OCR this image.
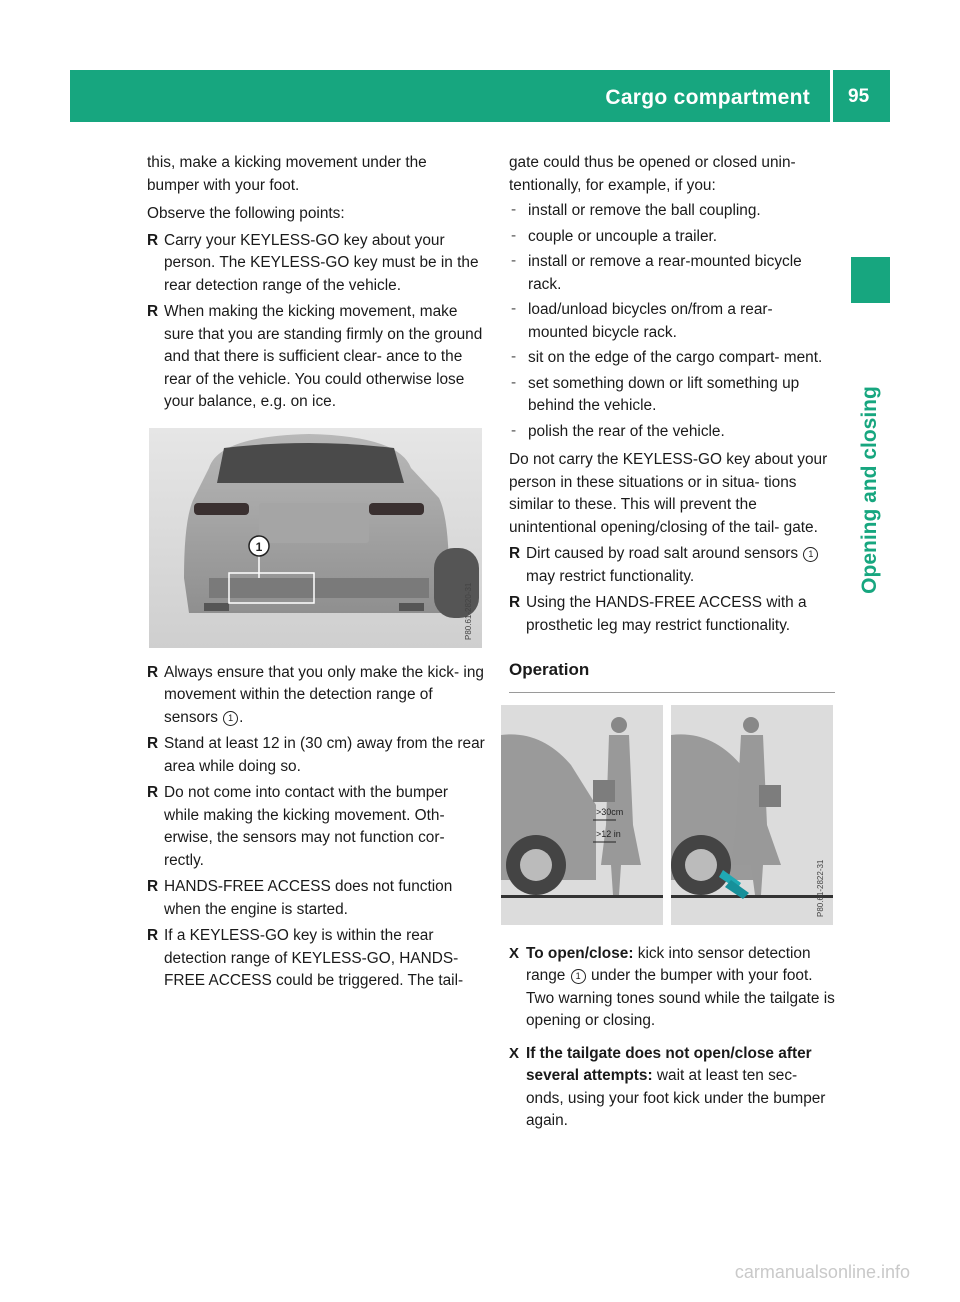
Cargo compartment 95
Opening and closing

this, make a kicking movement under the

bumper with your foot.

Observe the following points:

R Carry your KEYLESS-GO key about your person. The KEYLESS-GO key must be in the rear detection range of the vehicle.
R When making the kicking movement, make sure that you are standing firmly on the ground and that there is sufficient clear- ance to the rear of the vehicle. You could otherwise lose your balance, e.g. on ice.
1
P80.61-2820-31
R Always ensure that you only make the kick- ing movement within the detection range of sensors 1 .
R Stand at least 12 in (30 cm) away from the rear area while doing so.
R Do not come into contact with the bumper while making the kicking movement. Oth- erwise, the sensors may not function cor- rectly.
R HANDS-FREE ACCESS does not function when the engine is started.
R If a KEYLESS-GO key is within the rear detection range of KEYLESS-GO, HANDS- FREE ACCESS could be triggered. The tail-

gate could thus be opened or closed unin- tentionally, for example, if you:

- install or remove the ball coupling.
- couple or uncouple a trailer.
- install or remove a rear-mounted bicycle rack.
- load/unload bicycles on/from a rear- mounted bicycle rack.
- sit on the edge of the cargo compart- ment.
- set something down or lift something up behind the vehicle.
- polish the rear of the vehicle.

Do not carry the KEYLESS-GO key about your person in these situations or in situa- tions similar to these. This will prevent the unintentional opening/closing of the tail- gate.

R Dirt caused by road salt around sensors 1
may restrict functionality.
R Using the HANDS-FREE ACCESS with a prosthetic leg may restrict functionality.
Operation
>30cm
>12 in
P80.61-2822-31
X To open/close: kick into sensor detection range 1 under the bumper with your foot. Two warning tones sound while the tailgate is opening or closing.
X If the tailgate does not open/close after several attempts: wait at least ten sec- onds, using your foot kick under the bumper again.
carmanualsonline.info
